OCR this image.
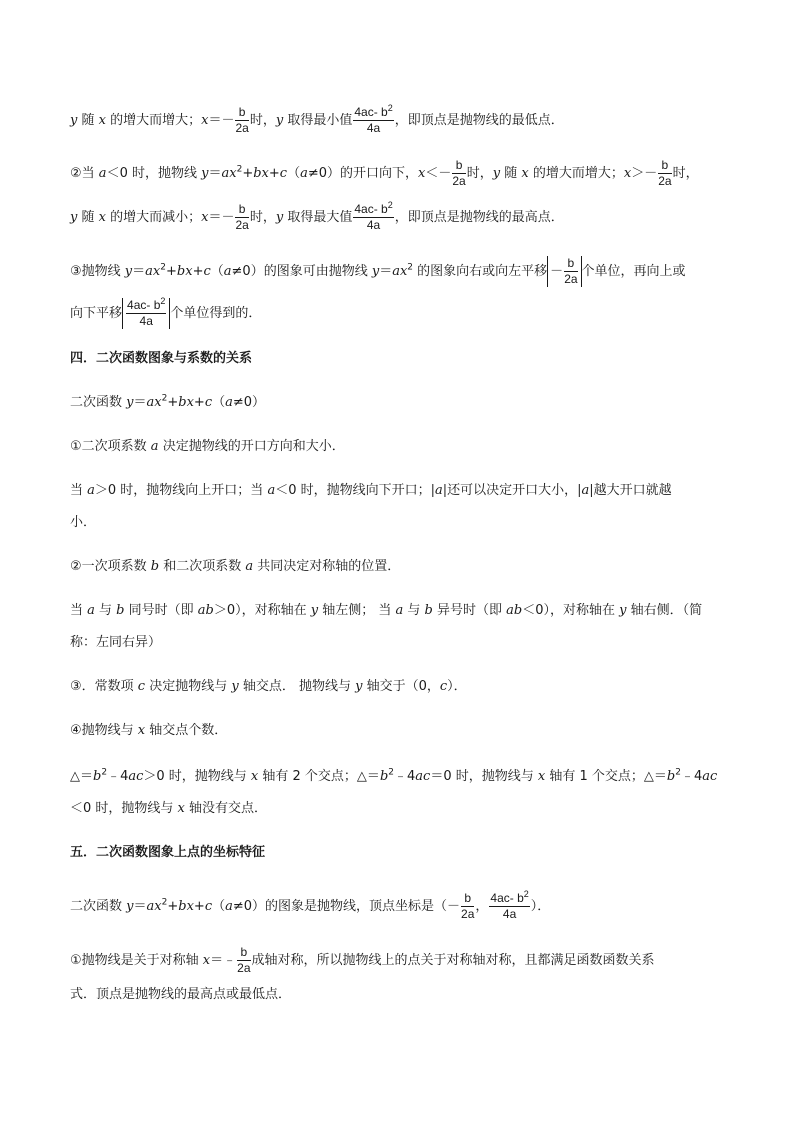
y 随 x 的增大而增大；$x=- \frac{b}{2a}$ 时，y 取得最小值 $\frac{4ac- b^2}{4a}$ ，即顶点是抛物线的最低点．
②当 a＜0 时，抛物线 $y=ax^2+bx+c(a\ne 0)$的开口向下，$x<- \frac{b}{2a}$ 时，y 随 x 的增大而增大；$x>- \frac{b}{2a}$ 时，
y 随 x 的增大而减小；$x=- \frac{b}{2a}$ 时，y 取得最大值 $\frac{4ac- b^2}{4a}$ ，即顶点是抛物线的最高点．
③抛物线 $y=ax^2+bx+c(a\ne 0)$的图象可由抛物线 $y=ax^2$ 的图象向右或向左平移 － $\frac{b}{2a}$ 个单位，再向上或
向下平移 $\frac{4ac- b^2}{4a}$ 个单位得到的．
四．二次函数图象与系数的关系
二次函数 $y=ax^2+bx+c(a\ne 0)$
①二次项系数 a 决定抛物线的开口方向和大小．
当 a＞0 时，抛物线向上开口；当 a＜0 时，抛物线向下开口；|a|还可以决定开口大小，|a|越大开口就越
小．
②一次项系数 b 和二次项系数 a 共同决定对称轴的位置．
当 a 与 b 同号时（即 ab＞0），对称轴在 y 轴左侧； 当 a 与 b 异号时（即 ab＜0），对称轴在 y 轴右侧．（简
称：左同右异）
③．常数项 c 决定抛物线与 y 轴交点． 抛物线与 y 轴交于（0，c）．
④抛物线与 x 轴交点个数．
$\triangle=b^2﹣4ac>0$ 时，抛物线与 x 轴有 2 个交点；$\triangle=b^2﹣4ac=0$ 时，抛物线与 x 轴有 1 个交点；$\triangle=b^2﹣4ac$
＜0 时，抛物线与 x 轴没有交点．
五．二次函数图象上点的坐标特征
二次函数 $y=ax^2+bx+c(a\ne 0)$的图象是抛物线，顶点坐标是（－ $\frac{b}{2a}$ ， $\frac{4ac- b^2}{4a}$ ）．
①抛物线是关于对称轴 x＝﹣ $\frac{b}{2a}$ 成轴对称，所以抛物线上的点关于对称轴对称，且都满足函数函数关系
式．顶点是抛物线的最高点或最低点．
